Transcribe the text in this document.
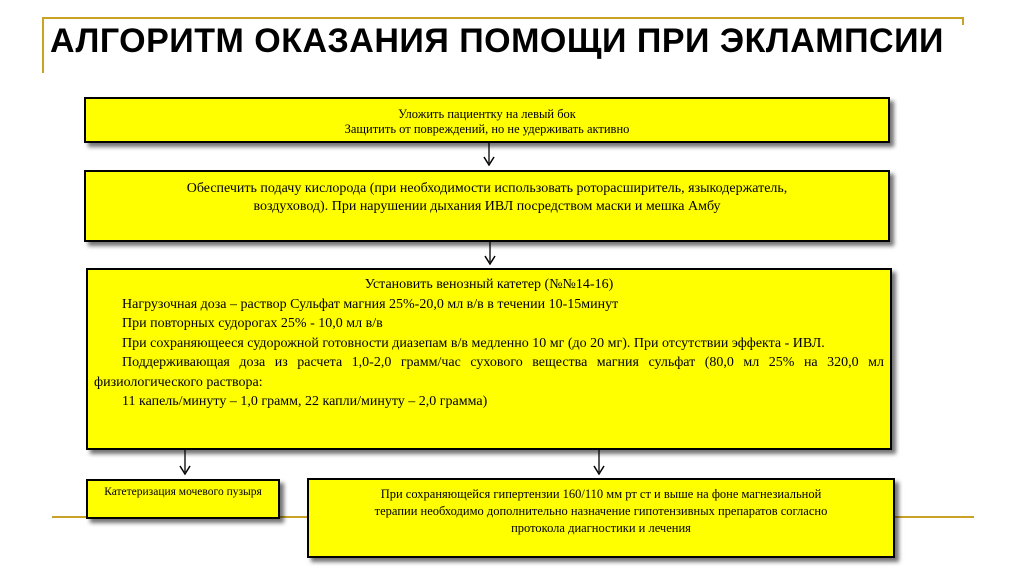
АЛГОРИТМ ОКАЗАНИЯ ПОМОЩИ ПРИ ЭКЛАМПСИИ
Уложить пациентку на левый бок
Защитить от повреждений, но не удерживать активно
Обеспечить подачу кислорода (при необходимости использовать роторасширитель, языкодержатель,
воздуховод). При нарушении дыхания ИВЛ посредством маски и мешка Амбу
Установить венозный катетер (№№14-16)
Нагрузочная доза – раствор Сульфат магния 25%-20,0 мл в/в в течении 10-15минут
При повторных судорогах 25% - 10,0 мл в/в
При сохраняющееся судорожной готовности диазепам в/в медленно 10 мг (до 20 мг). При отсутствии эффекта - ИВЛ.
Поддерживающая доза из расчета 1,0-2,0 грамм/час сухового вещества магния сульфат (80,0 мл 25% на 320,0 мл физиологического раствора:
11 капель/минуту – 1,0 грамм, 22 капли/минуту – 2,0 грамма)
Катетеризация мочевого пузыря	При сохраняющейся гипертензии 160/110 мм рт ст и выше на фоне магнезиальной
терапии необходимо дополнительно назначение гипотензивных препаратов согласно
протокола диагностики и лечения
